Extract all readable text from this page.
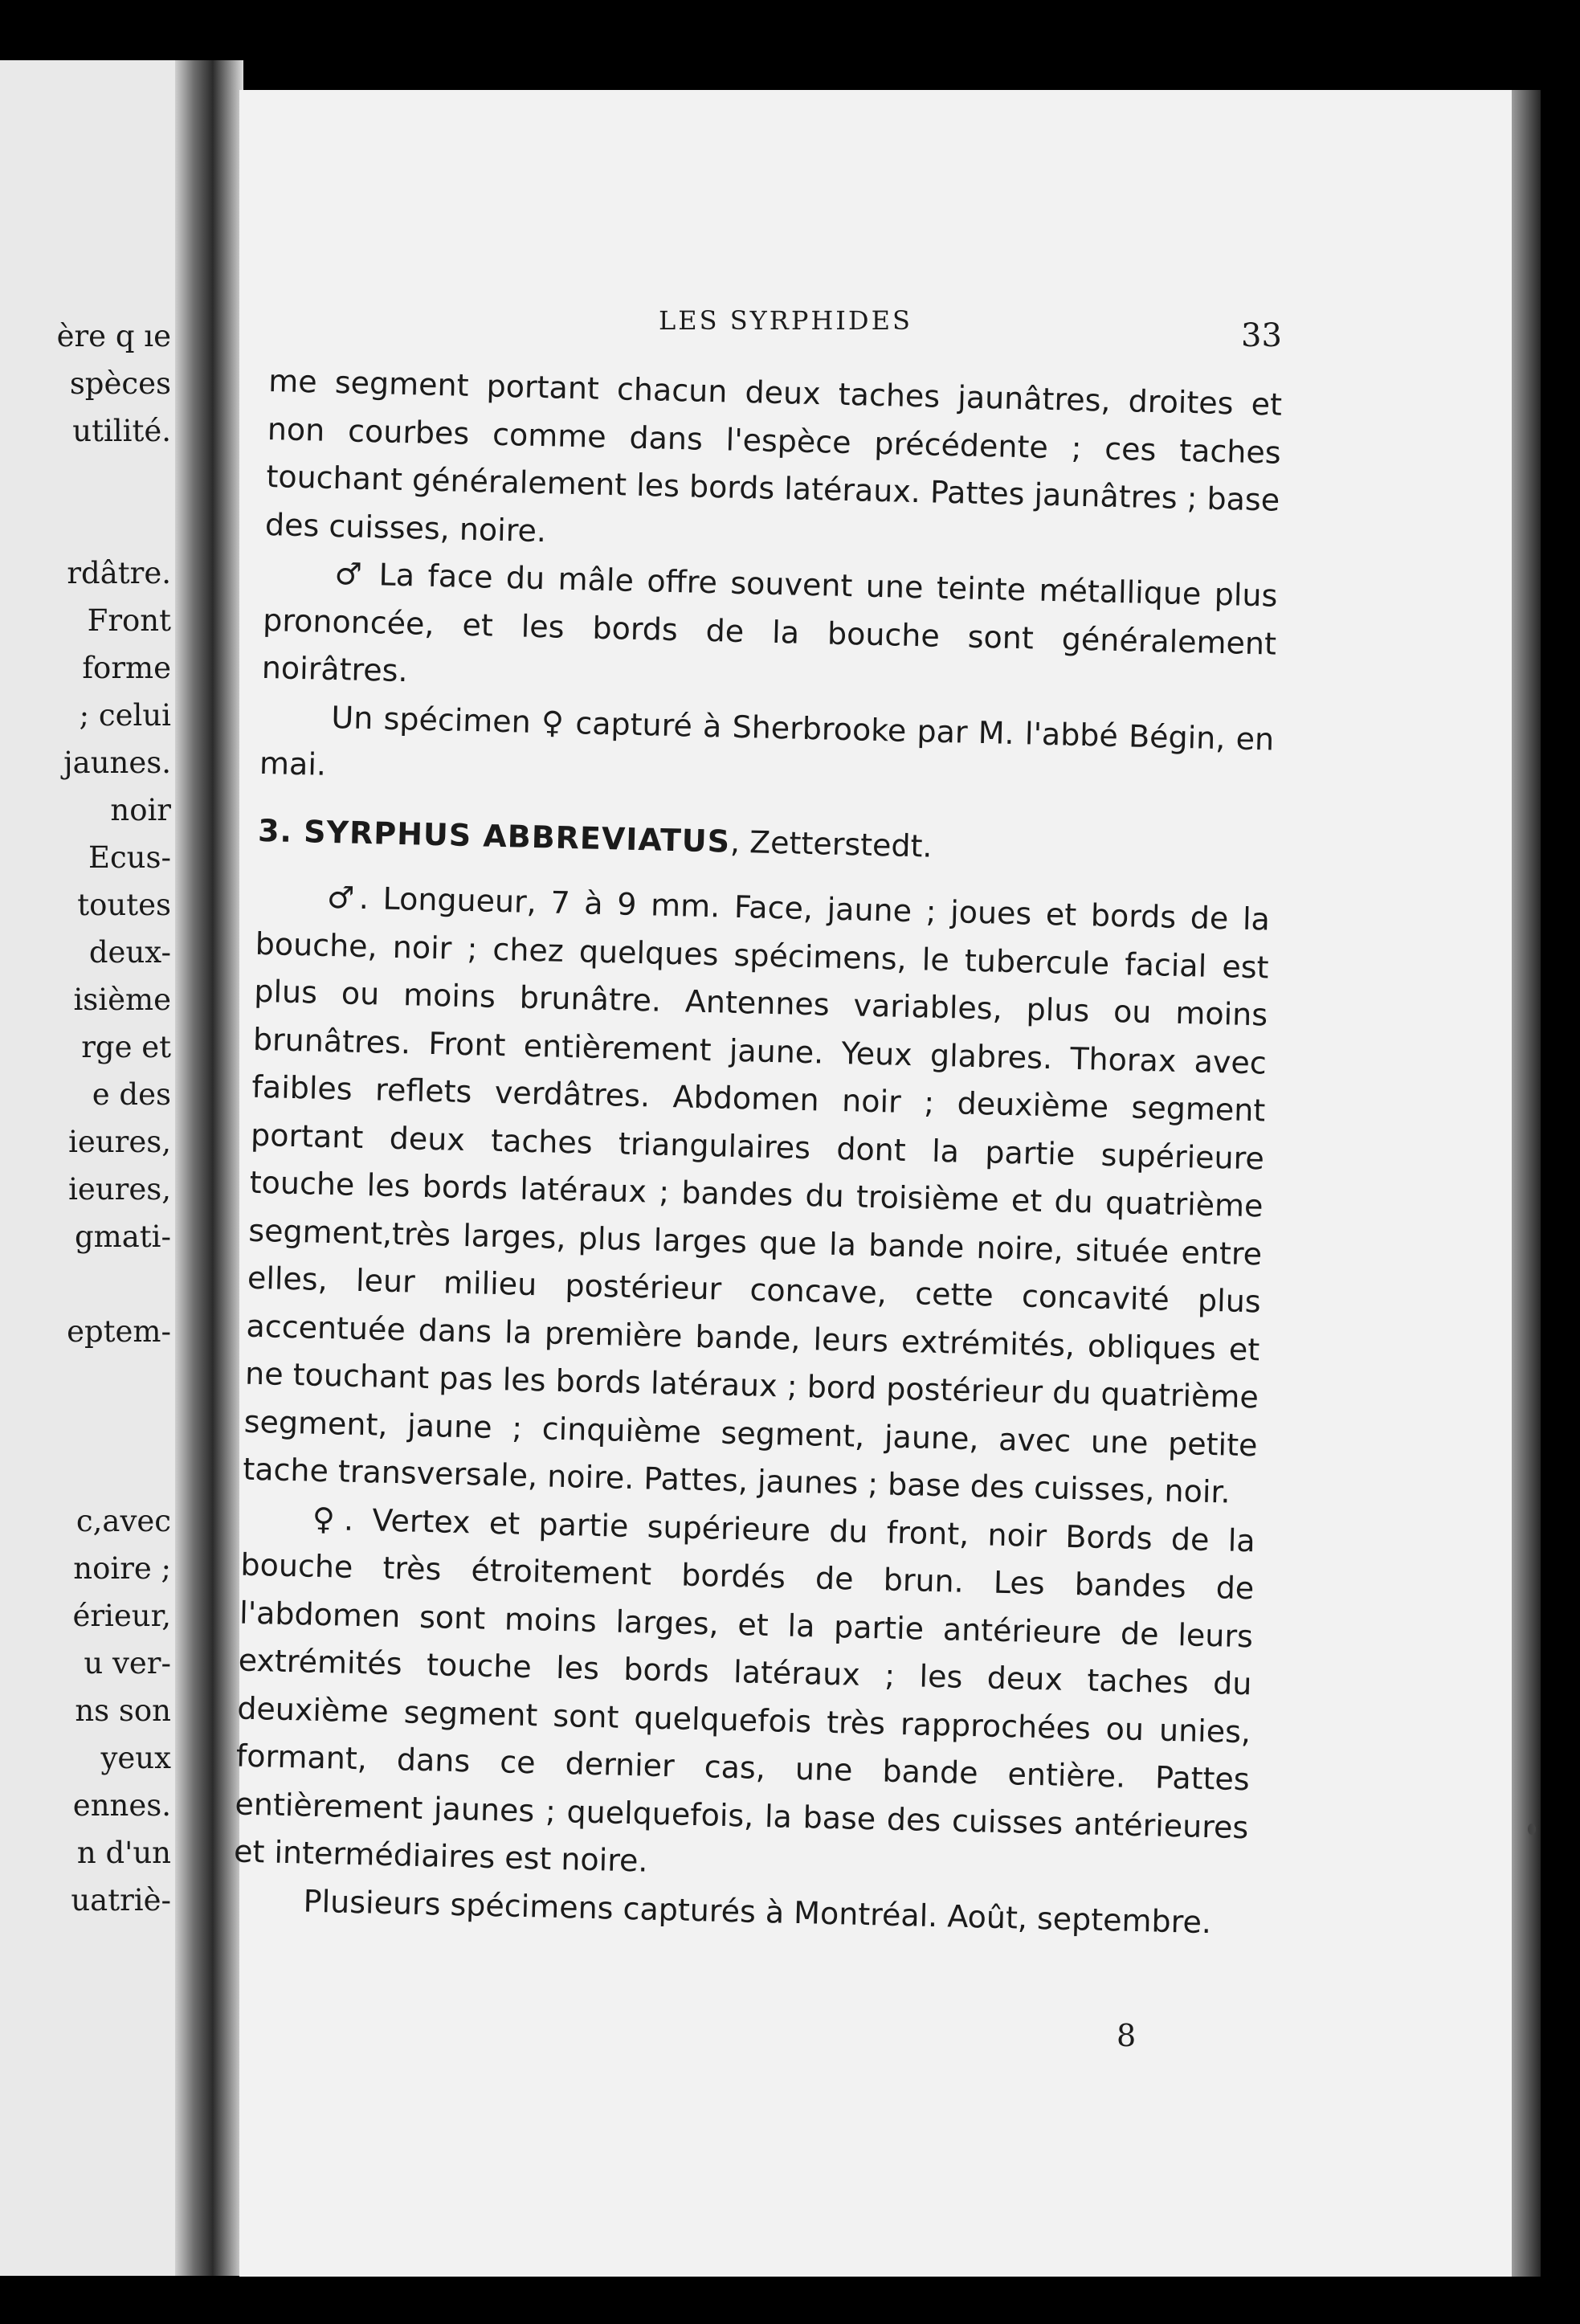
ère q ıe
spèces
utilité.
rdâtre.
Front
forme
; celui
jaunes.
noir
Ecus-
toutes
deux-
isième
rge et
e des
ieures,
ieures,
gmati-
eptem-
c,avec
noire ;
érieur,
u ver-
ns son
yeux
ennes.
n d'un
uatriè-
LES SYRPHIDES	33

me segment portant chacun deux taches jaunâtres, droites et non courbes comme dans l'espèce précédente ; ces taches touchant généralement les bords latéraux. Pattes jaunâtres ; base des cuisses, noire.

♂ La face du mâle offre souvent une teinte métallique plus prononcée, et les bords de la bouche sont généralement noirâtres.

Un spécimen ♀ capturé à Sherbrooke par M. l'abbé Bégin, en mai.

3. SYRPHUS ABBREVIATUS, Zetterstedt.

♂. Longueur, 7 à 9 mm. Face, jaune ; joues et bords de la bouche, noir ; chez quelques spécimens, le tubercule facial est plus ou moins brunâtre. Antennes variables, plus ou moins brunâtres. Front entièrement jaune. Yeux glabres. Thorax avec faibles reflets verdâtres. Abdomen noir ; deuxième segment portant deux taches triangulaires dont la partie supérieure touche les bords latéraux ; bandes du troisième et du quatrième segment,très larges, plus larges que la bande noire, située entre elles, leur milieu postérieur concave, cette concavité plus accentuée dans la première bande, leurs extrémités, obliques et ne touchant pas les bords latéraux ; bord postérieur du quatrième segment, jaune ; cinquième segment, jaune, avec une petite tache transversale, noire. Pattes, jaunes ; base des cuisses, noir.

♀. Vertex et partie supérieure du front, noir Bords de la bouche très étroitement bordés de brun. Les bandes de l'abdomen sont moins larges, et la partie antérieure de leurs extrémités touche les bords latéraux ; les deux taches du deuxième segment sont quelquefois très rapprochées ou unies, formant, dans ce dernier cas, une bande entière. Pattes entièrement jaunes ; quelquefois, la base des cuisses antérieures et intermédiaires est noire.

Plusieurs spécimens capturés à Montréal. Août, septembre.

8
